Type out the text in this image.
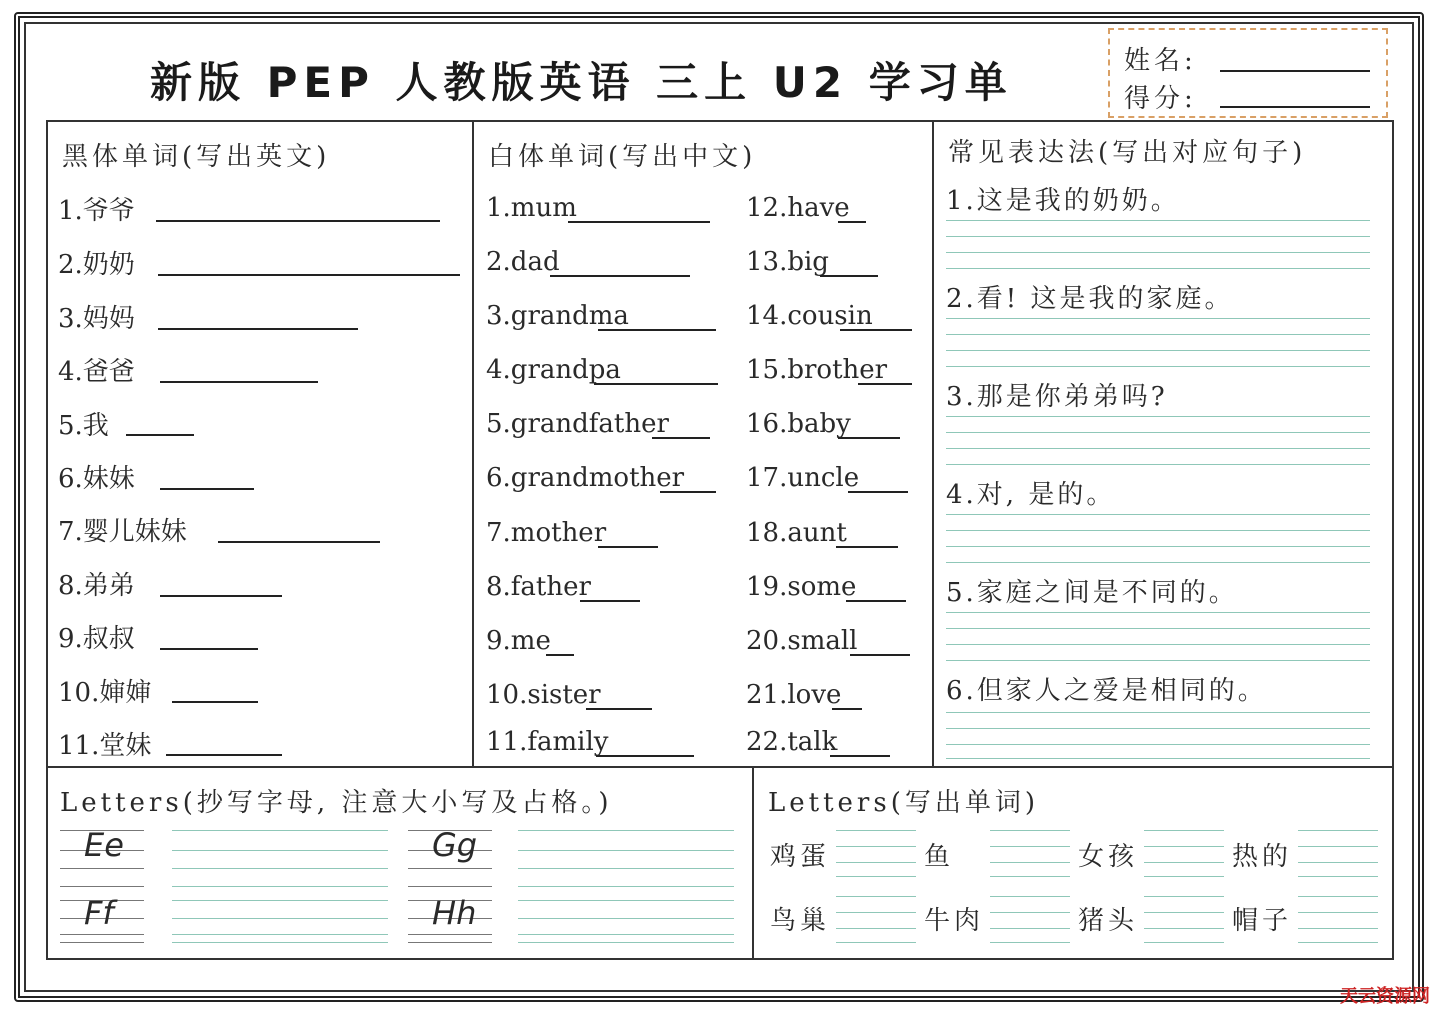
新版 PEP 人教版英语 三上 U2 学习单	姓名:
得分:
黑体单词(写出英文)
1.爷爷
2.奶奶
3.妈妈
4.爸爸
5.我
6.妹妹
7.婴儿妹妹
8.弟弟
9.叔叔
10.婶婶
11.堂妹
白体单词(写出中文)
1.mum
2.dad
3.grandma
4.grandpa
5.grandfather
6.grandmother
7.mother
8.father
9.me
10.sister
11.family
12.have
13.big
14.cousin
15.brother
16.baby
17.uncle
18.aunt
19.some
20.small
21.love
22.talk
常见表达法(写出对应句子)
1.这是我的奶奶。
2.看! 这是我的家庭。
3.那是你弟弟吗?
4.对, 是的。
5.家庭之间是不同的。
6.但家人之爱是相同的。
Letters(抄写字母, 注意大小写及占格。)
Ee	Gg
Ff	Hh
Letters(写出单词)
鸡蛋	鱼	女孩	热的
鸟巢	牛肉	猪头	帽子
天云资源网
